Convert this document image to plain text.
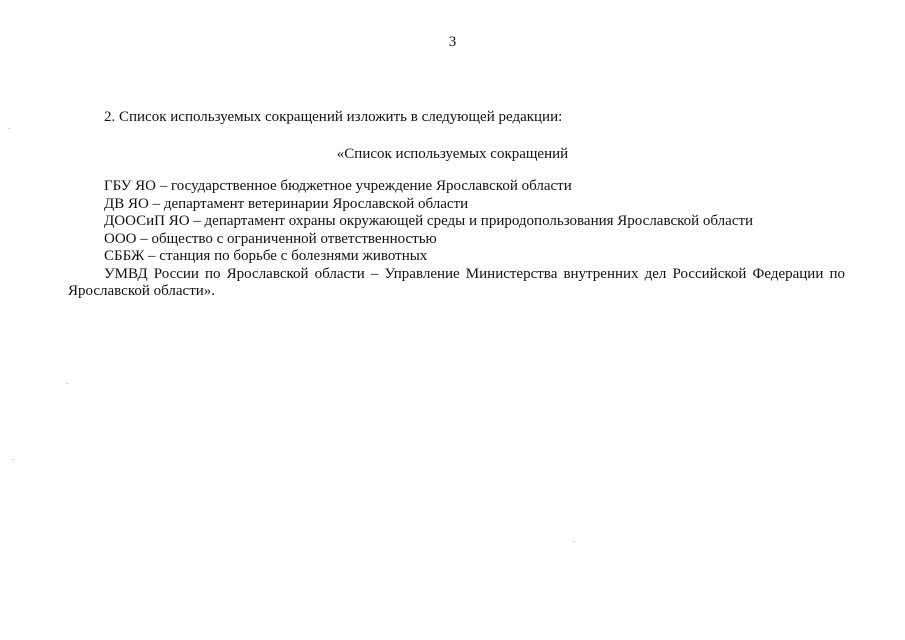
3
2. Список используемых сокращений изложить в следующей редакции:
«Список используемых сокращений
ГБУ ЯО – государственное бюджетное учреждение Ярославской области
ДВ ЯО – департамент ветеринарии Ярославской области
ДООСиП ЯО – департамент охраны окружающей среды и природопользования Ярославской области
ООО – общество с ограниченной ответственностью
СББЖ – станция по борьбе с болезнями животных
УМВД России по Ярославской области – Управление Министерства внутренних дел Российской Федерации по Ярославской области».
